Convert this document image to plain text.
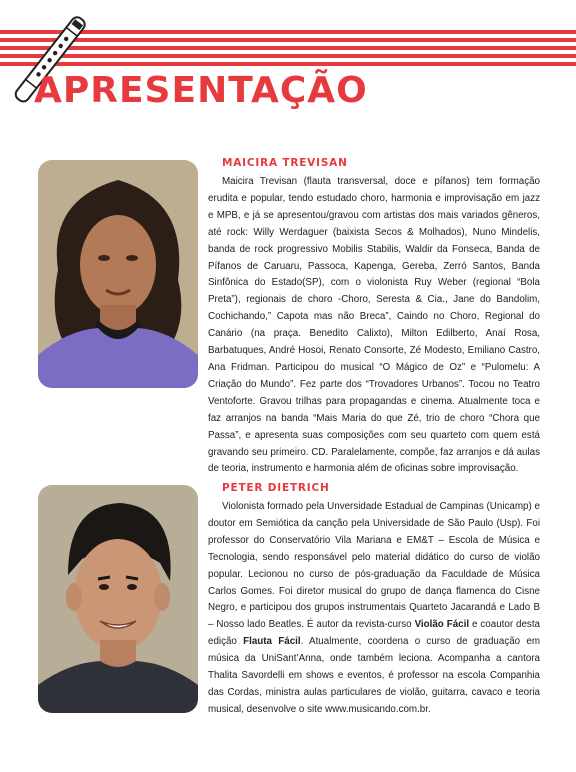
APRESENTAÇÃO
MAICIRA TREVISAN

Maicira Trevisan (flauta transversal, doce e pífanos) tem formação erudita e popular, tendo estudado choro, harmonia e improvisação em jazz e MPB, e já se apresentou/gravou com artistas dos mais variados gêneros, até rock: Willy Werdaguer (baixista Secos & Molhados), Nuno Mindelis, banda de rock progressivo Mobilis Stabilis, Waldir da Fonseca, Banda de Pífanos de Caruaru, Passoca, Kapenga, Gereba, Zerró Santos, Banda Sinfônica do Estado(SP), com o violonista Ruy Weber (regional “Bola Preta”), regionais de choro -Choro, Seresta & Cia., Jane do Bandolim, Cochichando,” Capota mas não Breca”, Caindo no Choro, Regional do Canário (na praça. Benedito Calixto), Milton Edilberto, Anaí Rosa, Barbatuques, André Hosoi, Renato Consorte, Zé Modesto, Emiliano Castro, Ana Fridman. Participou do musical “O Mágico de Oz” e “Pulomelu: A Criação do Mundo”. Fez parte dos “Trovadores Urbanos”. Tocou no Teatro Ventoforte. Gravou trilhas para propagandas e cinema. Atualmente toca e faz arranjos na banda “Mais Maria do que Zé, trio de choro “Chora que Passa”, e apresenta suas composições com seu quarteto com quem está gravando seu primeiro. CD. Paralelamente, compõe, faz arranjos e dá aulas de teoria, instrumento e harmonia além de oficinas sobre improvisação.

PETER DIETRICH

Violonista formado pela Unversidade Estadual de Campinas (Unicamp) e doutor em Semiótica da canção pela Universidade de São Paulo (Usp). Foi professor do Conservatório Vila Mariana e EM&T – Escola de Música e Tecnologia, sendo responsável pelo material didático do curso de violão popular. Lecionou no curso de pós-graduação da Faculdade de Música Carlos Gomes. Foi diretor musical do grupo de dança flamenca do Cisne Negro, e participou dos grupos instrumentais Quarteto Jacarandá e Lado B – Nosso lado Beatles. É autor da revista-curso Violão Fácil e coautor desta edição Flauta Fácil. Atualmente, coordena o curso de graduação em música da UniSant’Anna, onde também leciona. Acompanha a cantora Thalita Savordelli em shows e eventos, é professor na escola Companhia das Cordas, ministra aulas particulares de violão, guitarra, cavaco e teoria musical, desenvolve o site www.musicando.com.br.
